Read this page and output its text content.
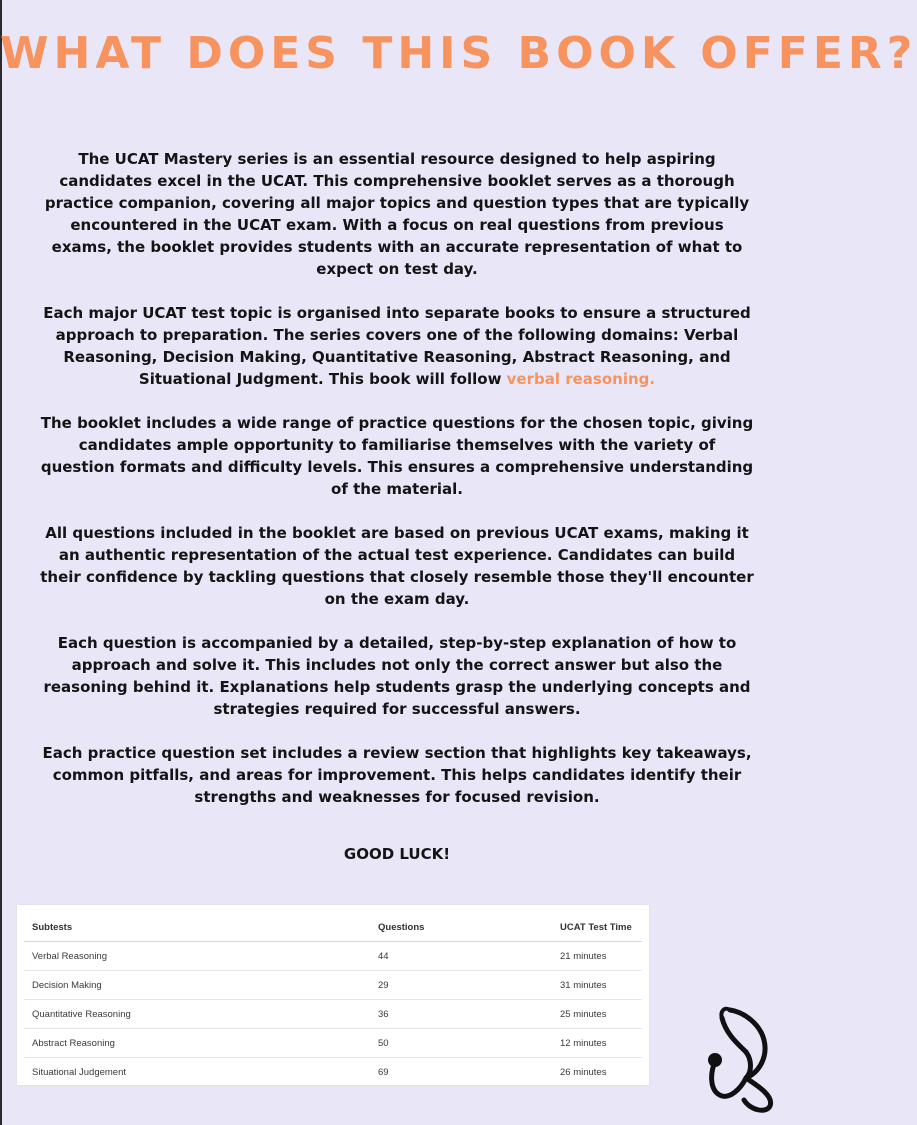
WHAT DOES THIS BOOK OFFER?

The UCAT Mastery series is an essential resource designed to help aspiring candidates excel in the UCAT. This comprehensive booklet serves as a thorough practice companion, covering all major topics and question types that are typically encountered in the UCAT exam. With a focus on real questions from previous exams, the booklet provides students with an accurate representation of what to expect on test day.

Each major UCAT test topic is organised into separate books to ensure a structured approach to preparation. The series covers one of the following domains: Verbal Reasoning, Decision Making, Quantitative Reasoning, Abstract Reasoning, and Situational Judgment. This book will follow verbal reasoning.

The booklet includes a wide range of practice questions for the chosen topic, giving candidates ample opportunity to familiarise themselves with the variety of question formats and difficulty levels. This ensures a comprehensive understanding of the material.

All questions included in the booklet are based on previous UCAT exams, making it an authentic representation of the actual test experience. Candidates can build their confidence by tackling questions that closely resemble those they'll encounter on the exam day.

Each question is accompanied by a detailed, step-by-step explanation of how to approach and solve it. This includes not only the correct answer but also the reasoning behind it. Explanations help students grasp the underlying concepts and strategies required for successful answers.

Each practice question set includes a review section that highlights key takeaways, common pitfalls, and areas for improvement. This helps candidates identify their strengths and weaknesses for focused revision.

GOOD LUCK!

Subtests	Questions	UCAT Test Time
Verbal Reasoning	44	21 minutes
Decision Making	29	31 minutes
Quantitative Reasoning	36	25 minutes
Abstract Reasoning	50	12 minutes
Situational Judgement	69	26 minutes
